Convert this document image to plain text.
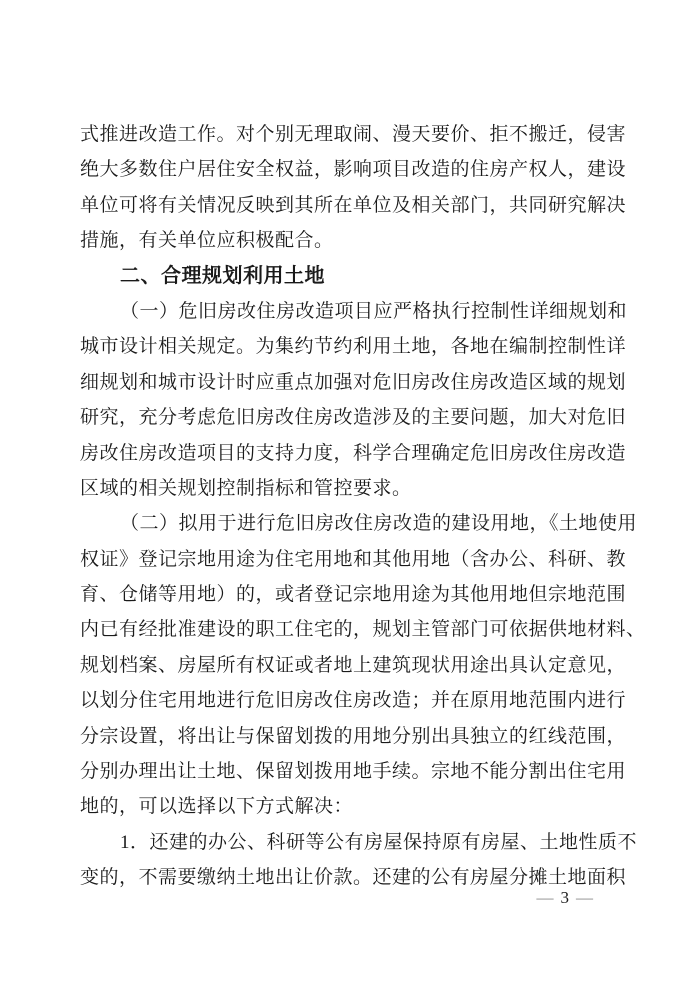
式推进改造工作。对个别无理取闹、漫天要价、拒不搬迁，侵害
绝大多数住户居住安全权益，影响项目改造的住房产权人，建设
单位可将有关情况反映到其所在单位及相关部门，共同研究解决
措施，有关单位应积极配合。
二、合理规划利用土地
（一）危旧房改住房改造项目应严格执行控制性详细规划和
城市设计相关规定。为集约节约利用土地，各地在编制控制性详
细规划和城市设计时应重点加强对危旧房改住房改造区域的规划
研究，充分考虑危旧房改住房改造涉及的主要问题，加大对危旧
房改住房改造项目的支持力度，科学合理确定危旧房改住房改造
区域的相关规划控制指标和管控要求。
（二）拟用于进行危旧房改住房改造的建设用地，《土地使用
权证》登记宗地用途为住宅用地和其他用地（含办公、科研、教
育、仓储等用地）的，或者登记宗地用途为其他用地但宗地范围
内已有经批准建设的职工住宅的，规划主管部门可依据供地材料、
规划档案、房屋所有权证或者地上建筑现状用途出具认定意见，
以划分住宅用地进行危旧房改住房改造；并在原用地范围内进行
分宗设置，将出让与保留划拨的用地分别出具独立的红线范围，
分别办理出让土地、保留划拨用地手续。宗地不能分割出住宅用
地的，可以选择以下方式解决：
1．还建的办公、科研等公有房屋保持原有房屋、土地性质不
变的，不需要缴纳土地出让价款。还建的公有房屋分摊土地面积
— 3 —
